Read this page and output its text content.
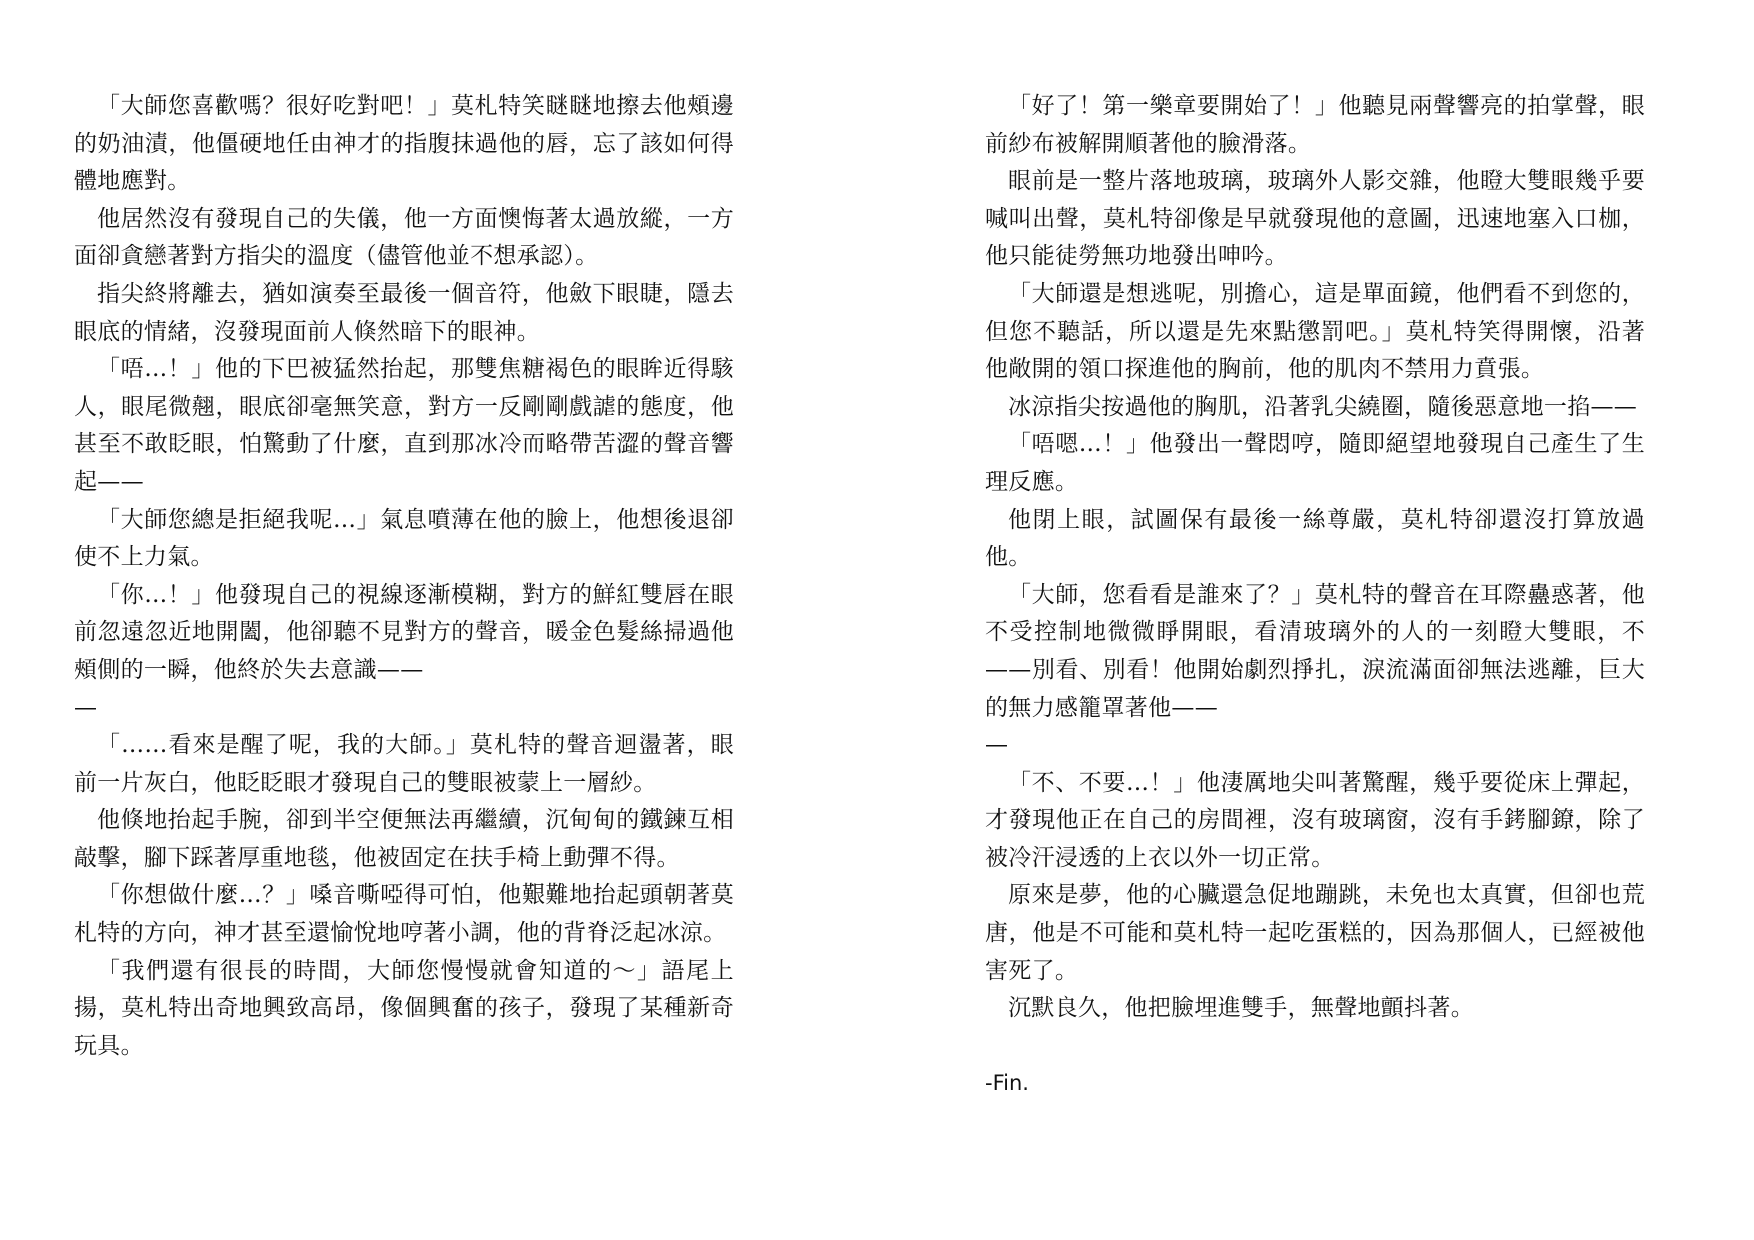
「大師您喜歡嗎？很好吃對吧！」莫札特笑瞇瞇地擦去他頰邊的奶油漬，他僵硬地任由神才的指腹抹過他的唇，忘了該如何得體地應對。

他居然沒有發現自己的失儀，他一方面懊悔著太過放縱，一方面卻貪戀著對方指尖的溫度（儘管他並不想承認）。

指尖終將離去，猶如演奏至最後一個音符，他斂下眼睫，隱去眼底的情緒，沒發現面前人倏然暗下的眼神。

「唔…！」他的下巴被猛然抬起，那雙焦糖褐色的眼眸近得駭人，眼尾微翹，眼底卻毫無笑意，對方一反剛剛戲謔的態度，他甚至不敢眨眼，怕驚動了什麼，直到那冰冷而略帶苦澀的聲音響起——

「大師您總是拒絕我呢…」氣息噴薄在他的臉上，他想後退卻使不上力氣。

「你…！」他發現自己的視線逐漸模糊，對方的鮮紅雙唇在眼前忽遠忽近地開闔，他卻聽不見對方的聲音，暖金色髮絲掃過他頰側的一瞬，他終於失去意識——

—

「……看來是醒了呢，我的大師。」莫札特的聲音迴盪著，眼前一片灰白，他眨眨眼才發現自己的雙眼被蒙上一層紗。

他倏地抬起手腕，卻到半空便無法再繼續，沉甸甸的鐵鍊互相敲擊，腳下踩著厚重地毯，他被固定在扶手椅上動彈不得。

「你想做什麼…？」嗓音嘶啞得可怕，他艱難地抬起頭朝著莫札特的方向，神才甚至還愉悅地哼著小調，他的背脊泛起冰涼。

「我們還有很長的時間，大師您慢慢就會知道的～」語尾上揚，莫札特出奇地興致高昂，像個興奮的孩子，發現了某種新奇玩具。

「好了！第一樂章要開始了！」他聽見兩聲響亮的拍掌聲，眼前紗布被解開順著他的臉滑落。

眼前是一整片落地玻璃，玻璃外人影交雜，他瞪大雙眼幾乎要喊叫出聲，莫札特卻像是早就發現他的意圖，迅速地塞入口枷，他只能徒勞無功地發出呻吟。

「大師還是想逃呢，別擔心，這是單面鏡，他們看不到您的，但您不聽話，所以還是先來點懲罰吧。」莫札特笑得開懷，沿著他敞開的領口探進他的胸前，他的肌肉不禁用力賁張。

冰涼指尖按過他的胸肌，沿著乳尖繞圈，隨後惡意地一掐——

「唔嗯…！」他發出一聲悶哼，隨即絕望地發現自己產生了生理反應。

他閉上眼，試圖保有最後一絲尊嚴，莫札特卻還沒打算放過他。

「大師，您看看是誰來了？」莫札特的聲音在耳際蠱惑著，他不受控制地微微睜開眼，看清玻璃外的人的一刻瞪大雙眼，不——別看、別看！他開始劇烈掙扎，淚流滿面卻無法逃離，巨大的無力感籠罩著他——

—

「不、不要…！」他淒厲地尖叫著驚醒，幾乎要從床上彈起，才發現他正在自己的房間裡，沒有玻璃窗，沒有手銬腳鐐，除了被冷汗浸透的上衣以外一切正常。

原來是夢，他的心臟還急促地蹦跳，未免也太真實，但卻也荒唐，他是不可能和莫札特一起吃蛋糕的，因為那個人，已經被他害死了。

沉默良久，他把臉埋進雙手，無聲地顫抖著。

-Fin.
